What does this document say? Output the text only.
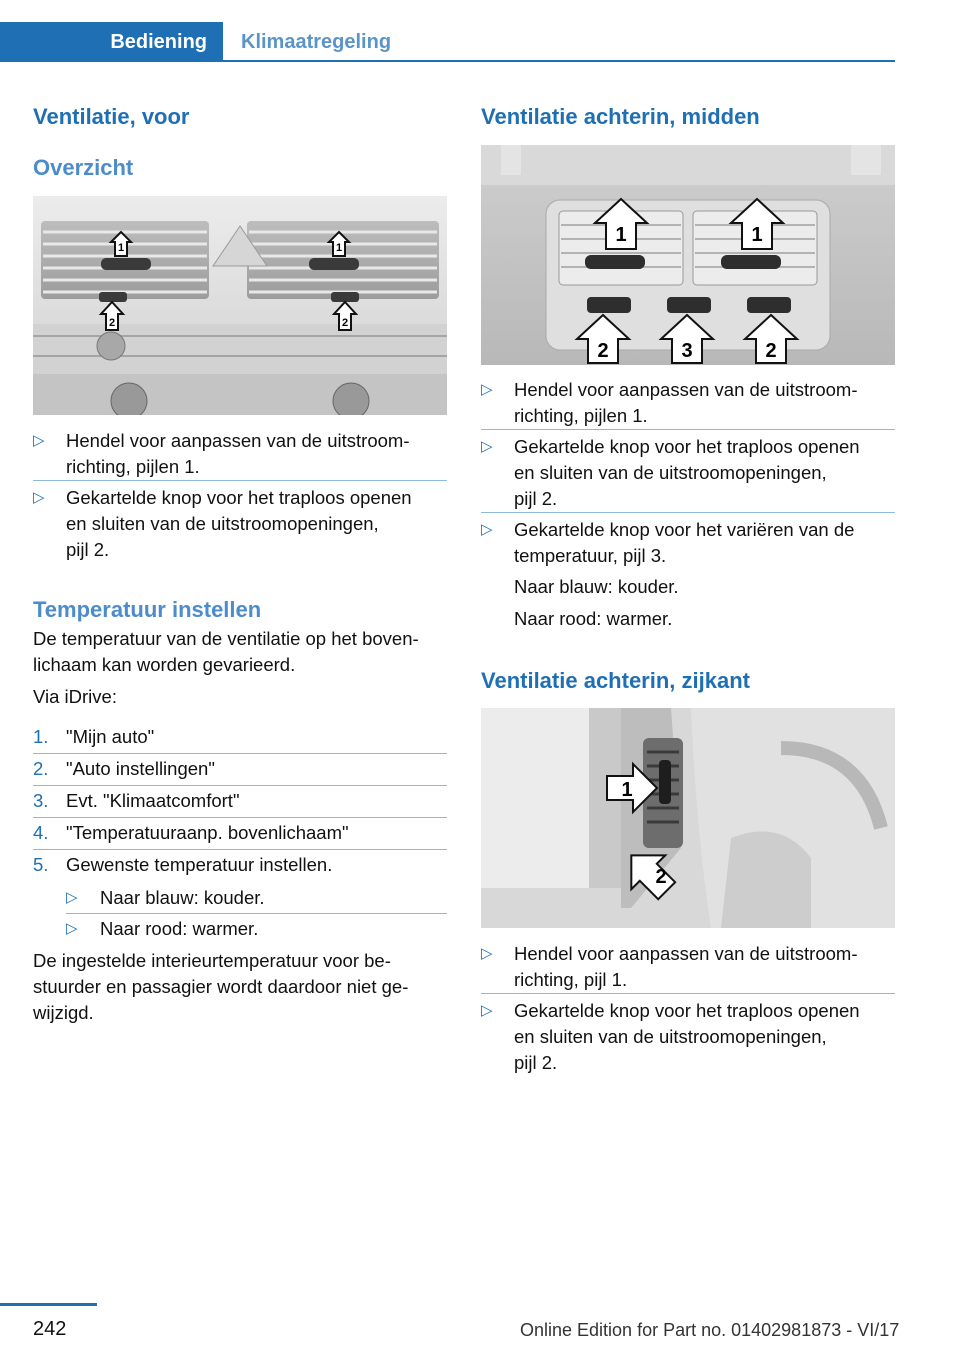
Bediening Klimaatregeling
Ventilatie, voor
Overzicht
1	1
2	2
▷ Hendel voor aanpassen van de uitstroom-
richting, pijlen 1.
▷ Gekartelde knop voor het traploos openen
en sluiten van de uitstroomopeningen,
pijl 2.
Temperatuur instellen
De temperatuur van de ventilatie op het boven-
lichaam kan worden gevarieerd.
Via iDrive:
1. "Mijn auto"
2. "Auto instellingen"
3. Evt. "Klimaatcomfort"
4. "Temperatuuraanp. bovenlichaam"
5. Gewenste temperatuur instellen.
▷ Naar blauw: kouder.
▷ Naar rood: warmer.
De ingestelde interieurtemperatuur voor be-
stuurder en passagier wordt daardoor niet ge-
wijzigd.
Ventilatie achterin, midden
1	1
2	3	2
▷ Hendel voor aanpassen van de uitstroom-
richting, pijlen 1.
▷ Gekartelde knop voor het traploos openen
en sluiten van de uitstroomopeningen,
pijl 2.
▷ Gekartelde knop voor het variëren van de
temperatuur, pijl 3.
Naar blauw: kouder.
Naar rood: warmer.
Ventilatie achterin, zijkant
1
2
▷ Hendel voor aanpassen van de uitstroom-
richting, pijl 1.
▷ Gekartelde knop voor het traploos openen
en sluiten van de uitstroomopeningen,
pijl 2.
242	Online Edition for Part no. 01402981873 - VI/17
